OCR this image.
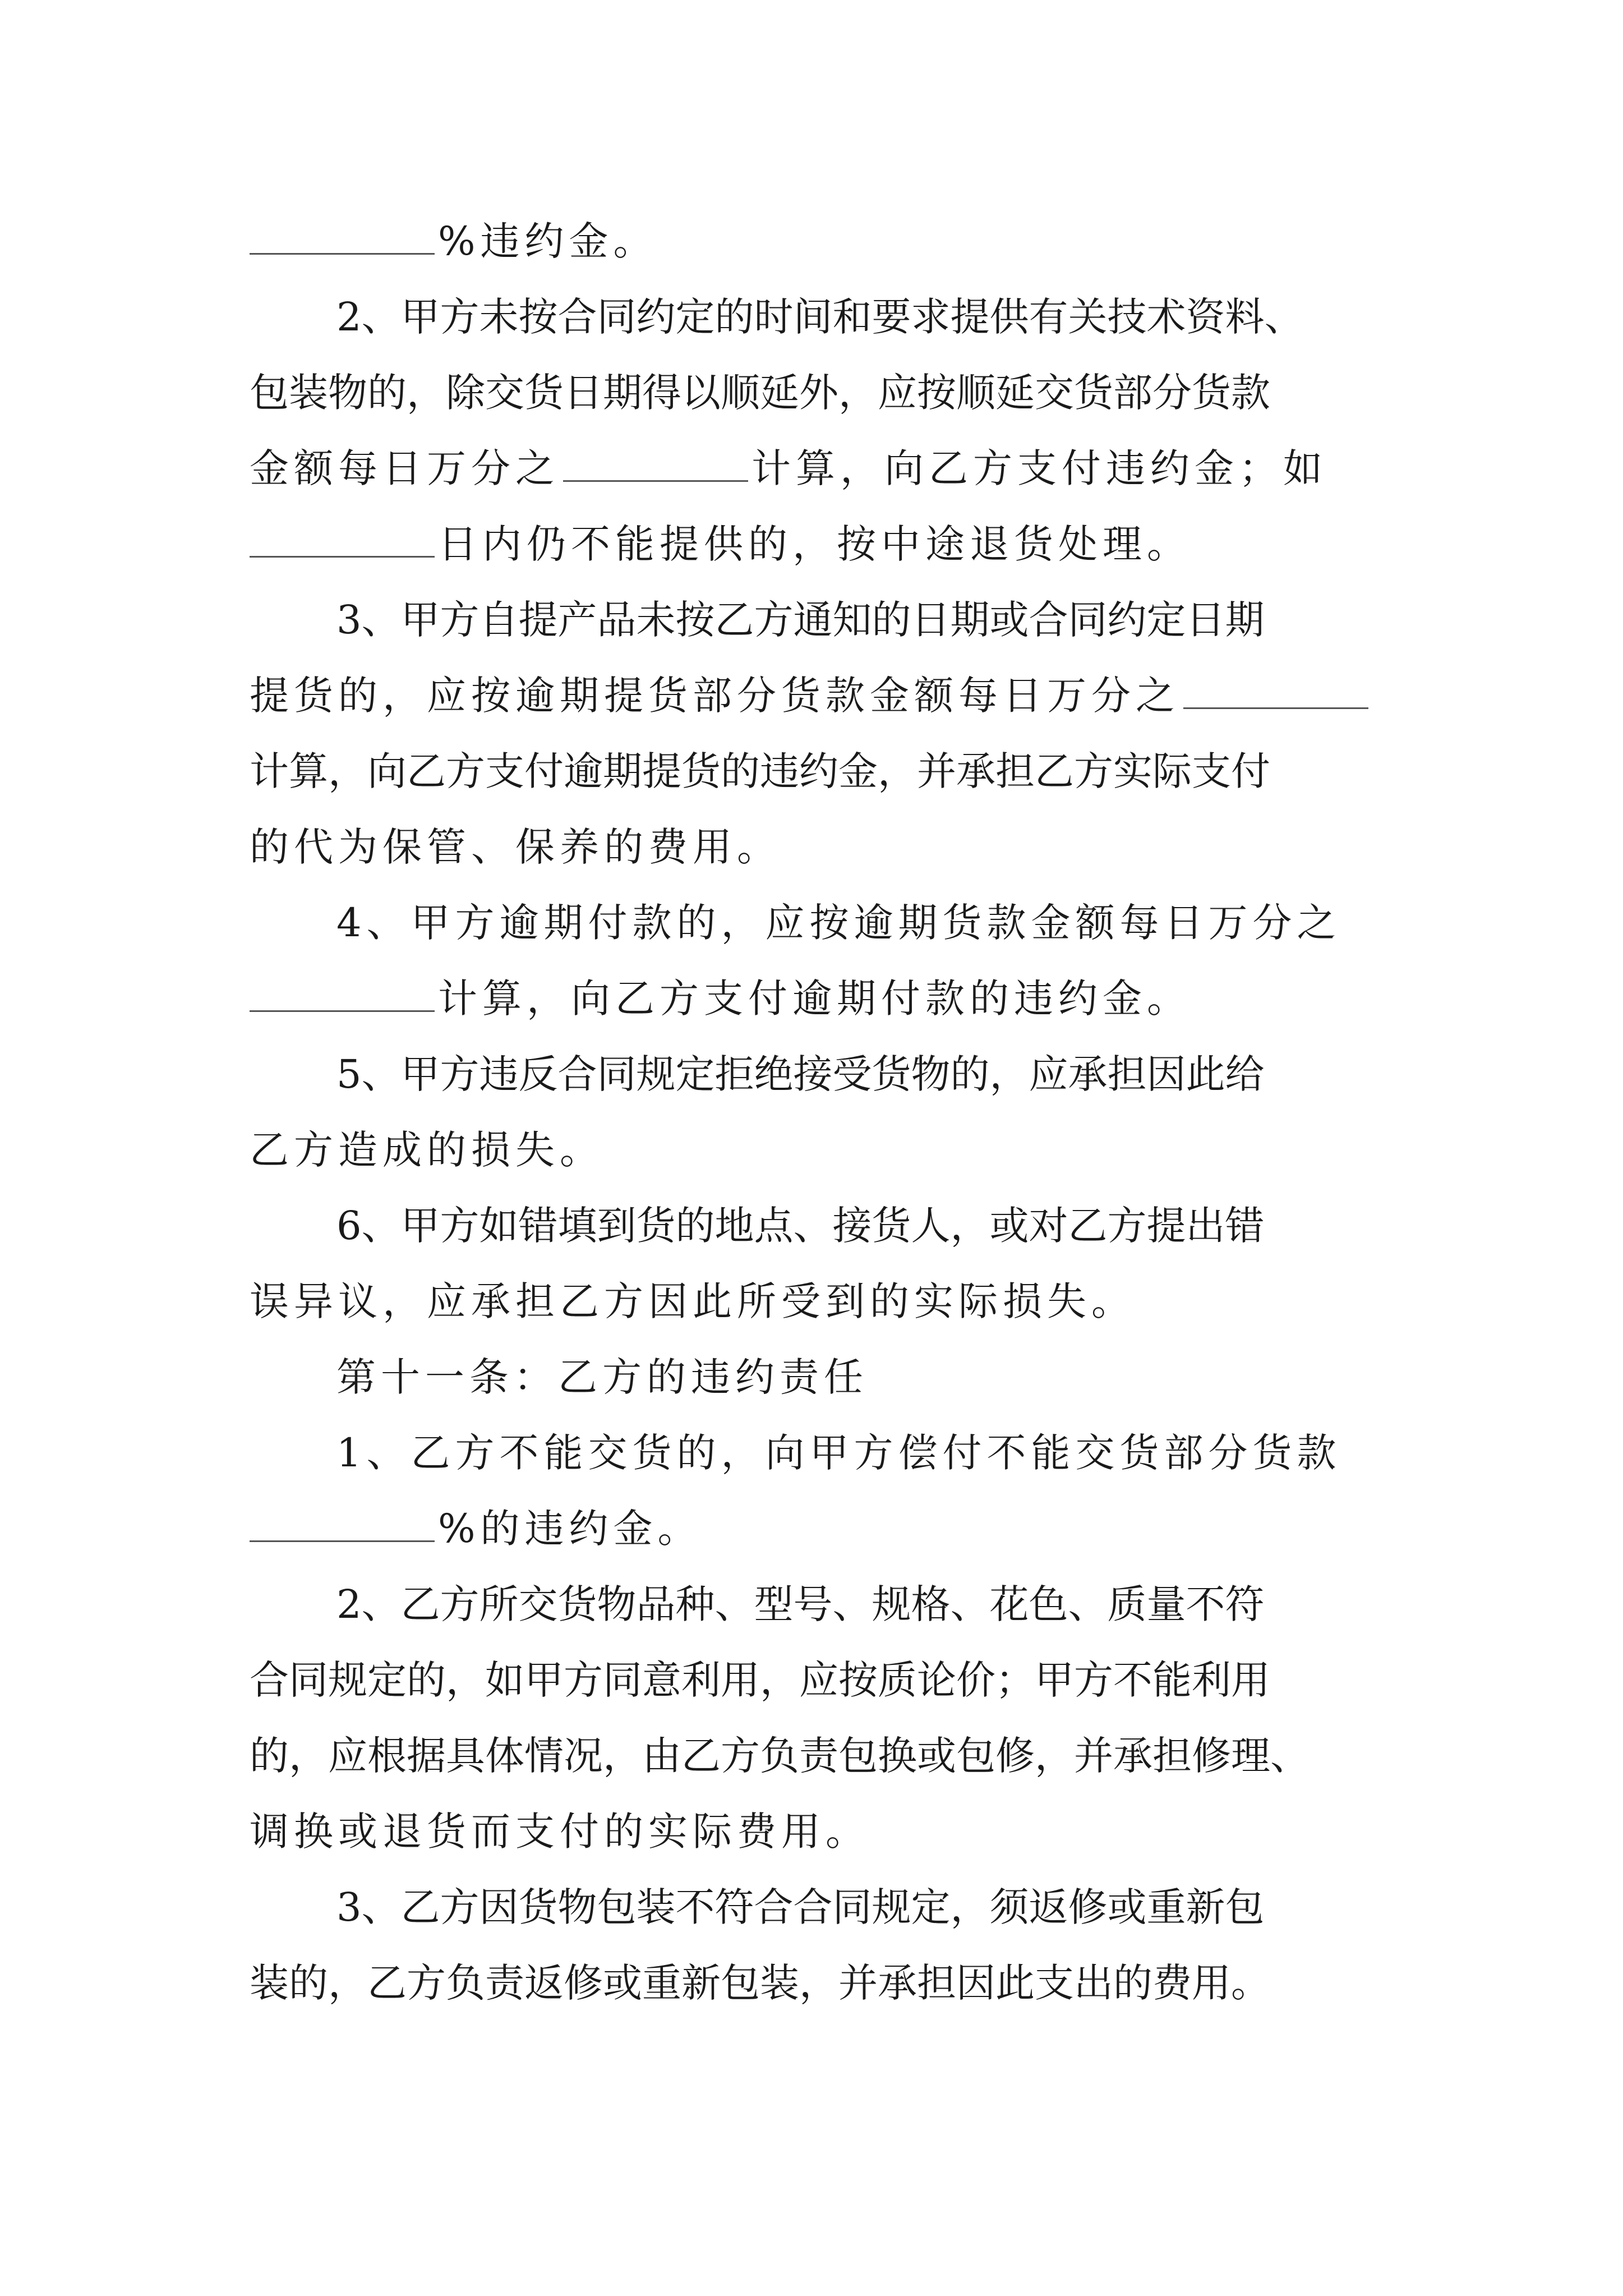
%违约金。
2、甲方未按合同约定的时间和要求提供有关技术资料、
包装物的，除交货日期得以顺延外，应按顺延交货部分货款
金额每日万分之	计算，向乙方支付违约金；如
日内仍不能提供的，按中途退货处理。
3、甲方自提产品未按乙方通知的日期或合同约定日期
提货的，应按逾期提货部分货款金额每日万分之
计算，向乙方支付逾期提货的违约金，并承担乙方实际支付
的代为保管、保养的费用。
4、甲方逾期付款的，应按逾期货款金额每日万分之
计算，向乙方支付逾期付款的违约金。
5、甲方违反合同规定拒绝接受货物的，应承担因此给
乙方造成的损失。
6、甲方如错填到货的地点、接货人，或对乙方提出错
误异议，应承担乙方因此所受到的实际损失。
第十一条：乙方的违约责任
1、乙方不能交货的，向甲方偿付不能交货部分货款
%的违约金。
2、乙方所交货物品种、型号、规格、花色、质量不符
合同规定的，如甲方同意利用，应按质论价；甲方不能利用
的，应根据具体情况，由乙方负责包换或包修，并承担修理、
调换或退货而支付的实际费用。
3、乙方因货物包装不符合合同规定，须返修或重新包
装的，乙方负责返修或重新包装，并承担因此支出的费用。
